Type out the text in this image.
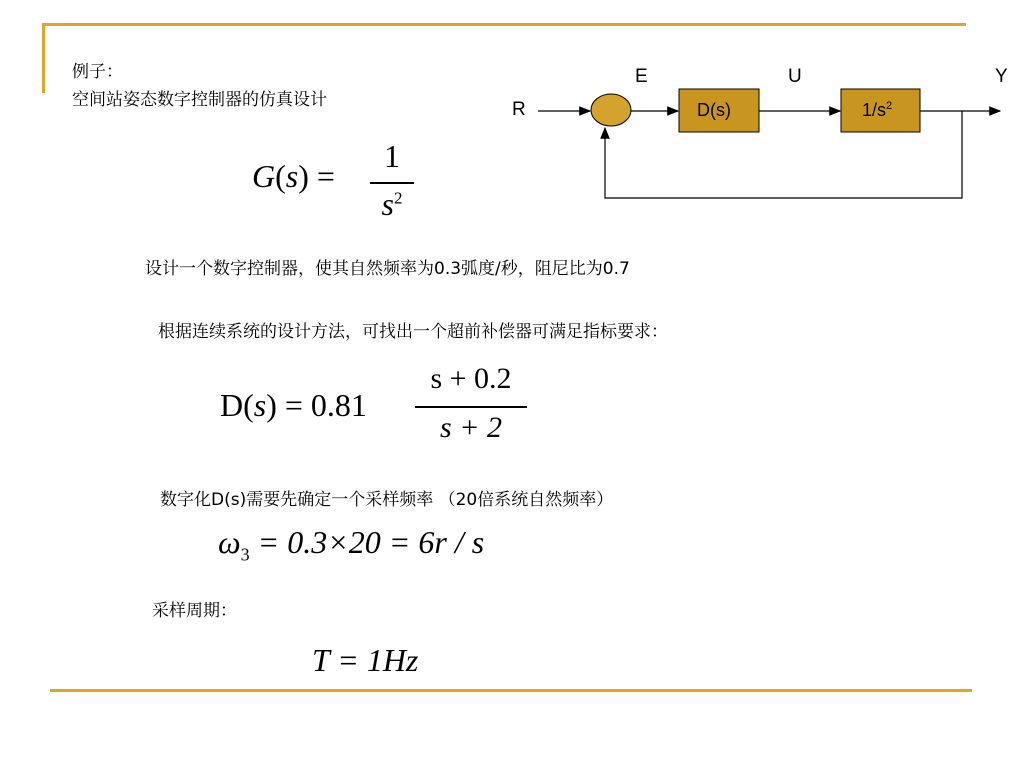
例子：
空间站姿态数字控制器的仿真设计	R
E	U	Y
D(s)	$1/s^2$
G(s) =
1
$s^2$
设计一个数字控制器，使其自然频率为0.3弧度/秒，阻尼比为0.7
根据连续系统的设计方法，可找出一个超前补偿器可满足指标要求：
D(s) = 0.81
s + 0.2
s + 2
数字化D(s)需要先确定一个采样频率 （20倍系统自然频率）
$\omega_3 = 0.3\times 20 = 6r / s$
采样周期：
T = 1Hz
